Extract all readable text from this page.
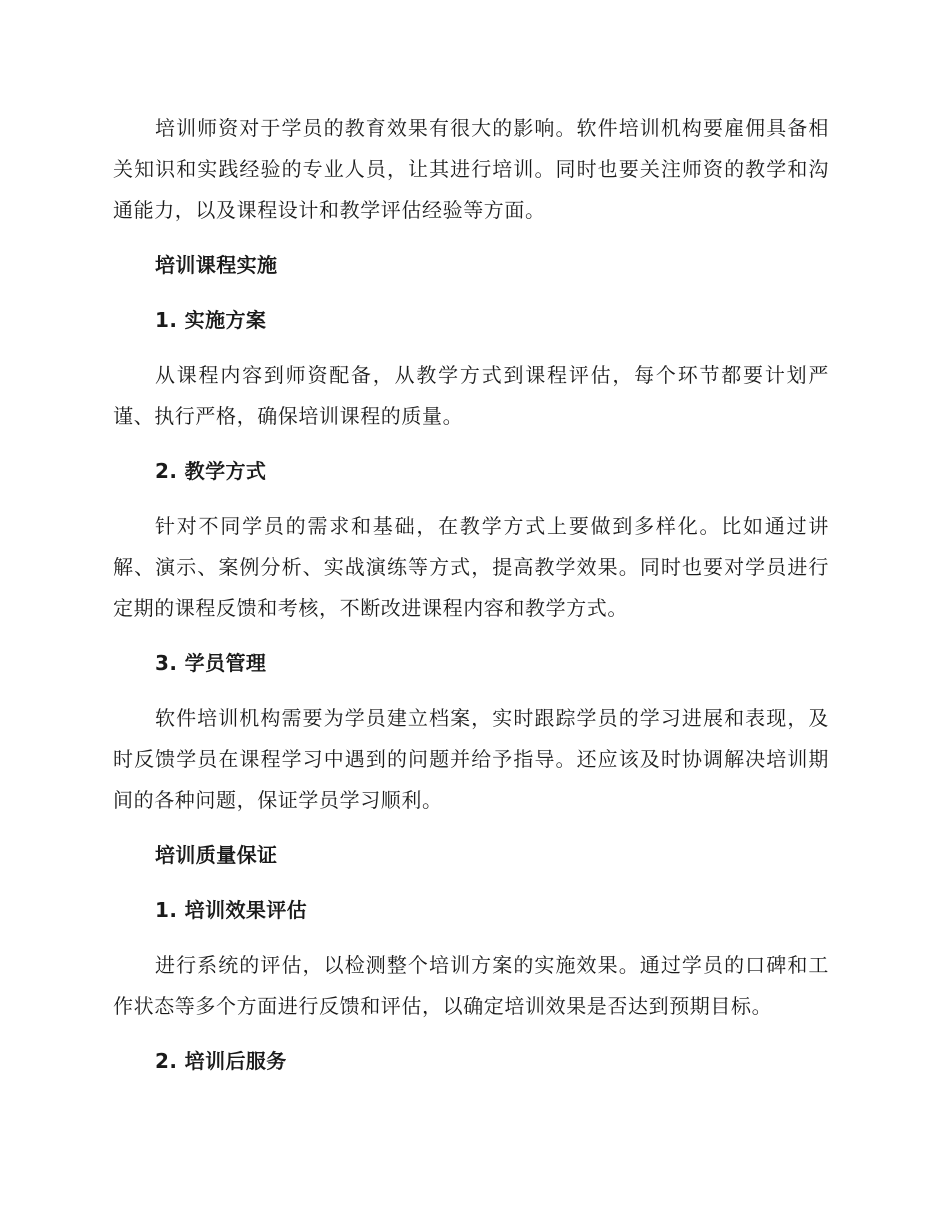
培训师资对于学员的教育效果有很大的影响。软件培训机构要雇佣具备相关知识和实践经验的专业人员，让其进行培训。同时也要关注师资的教学和沟通能力，以及课程设计和教学评估经验等方面。

培训课程实施

1. 实施方案

从课程内容到师资配备，从教学方式到课程评估，每个环节都要计划严谨、执行严格，确保培训课程的质量。

2. 教学方式

针对不同学员的需求和基础，在教学方式上要做到多样化。比如通过讲解、演示、案例分析、实战演练等方式，提高教学效果。同时也要对学员进行定期的课程反馈和考核，不断改进课程内容和教学方式。

3. 学员管理

软件培训机构需要为学员建立档案，实时跟踪学员的学习进展和表现，及时反馈学员在课程学习中遇到的问题并给予指导。还应该及时协调解决培训期间的各种问题，保证学员学习顺利。

培训质量保证

1. 培训效果评估

进行系统的评估，以检测整个培训方案的实施效果。通过学员的口碑和工作状态等多个方面进行反馈和评估，以确定培训效果是否达到预期目标。

2. 培训后服务
